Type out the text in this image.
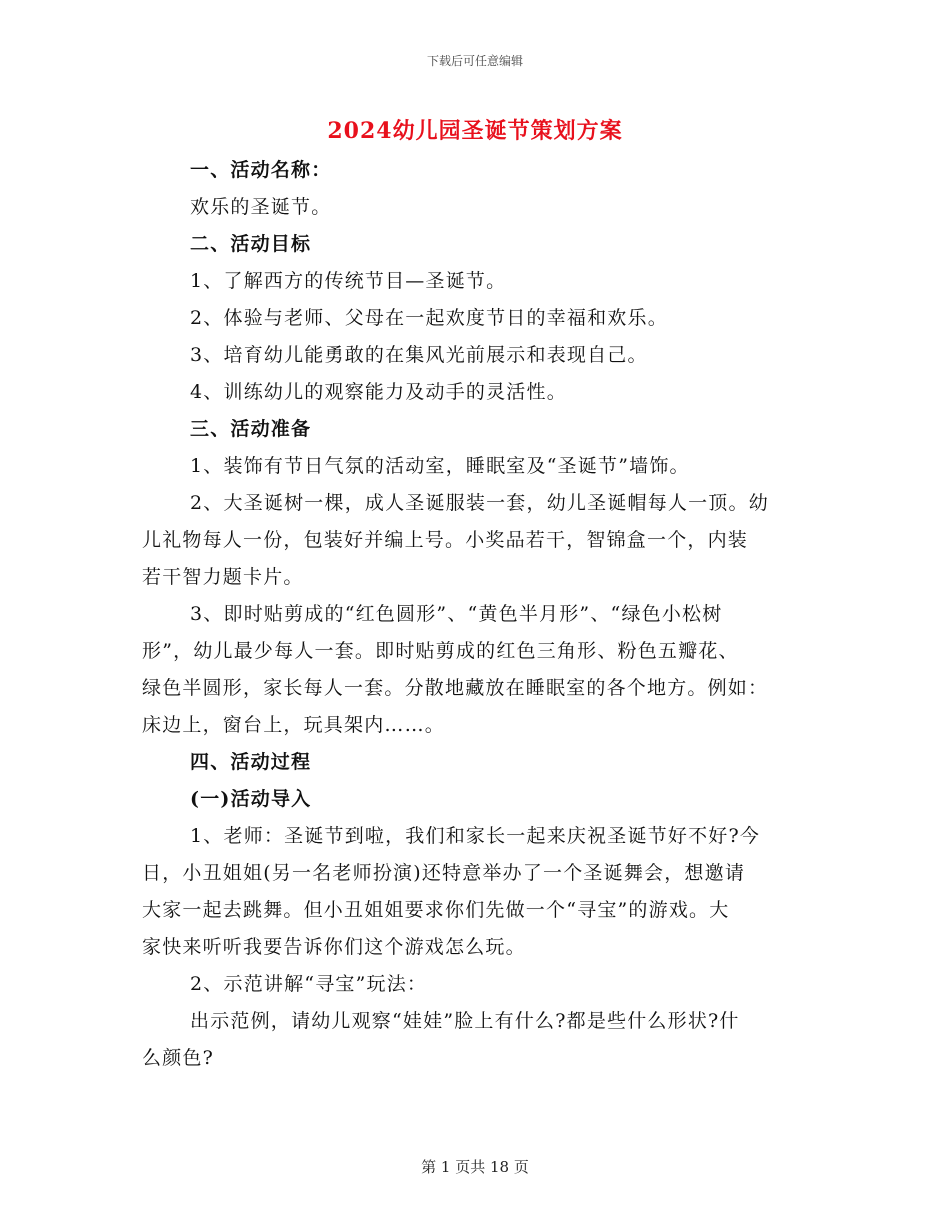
下载后可任意编辑
2024幼儿园圣诞节策划方案
一、活动名称：
欢乐的圣诞节。
二、活动目标
1、了解西方的传统节目—圣诞节。
2、体验与老师、父母在一起欢度节日的幸福和欢乐。
3、培育幼儿能勇敢的在集风光前展示和表现自己。
4、训练幼儿的观察能力及动手的灵活性。
三、活动准备
1、装饰有节日气氛的活动室，睡眠室及“圣诞节”墙饰。
2、大圣诞树一棵，成人圣诞服装一套，幼儿圣诞帽每人一顶。幼
儿礼物每人一份，包装好并编上号。小奖品若干，智锦盒一个，内装
若干智力题卡片。
3、即时贴剪成的“红色圆形”、“黄色半月形”、“绿色小松树
形”，幼儿最少每人一套。即时贴剪成的红色三角形、粉色五瓣花、
绿色半圆形，家长每人一套。分散地藏放在睡眠室的各个地方。例如：
床边上，窗台上，玩具架内……。
四、活动过程
(一)活动导入
1、老师：圣诞节到啦，我们和家长一起来庆祝圣诞节好不好?今
日，小丑姐姐(另一名老师扮演)还特意举办了一个圣诞舞会，想邀请
大家一起去跳舞。但小丑姐姐要求你们先做一个“寻宝”的游戏。大
家快来听听我要告诉你们这个游戏怎么玩。
2、示范讲解“寻宝”玩法：
出示范例，请幼儿观察“娃娃”脸上有什么?都是些什么形状?什
么颜色?
第 1 页共 18 页
